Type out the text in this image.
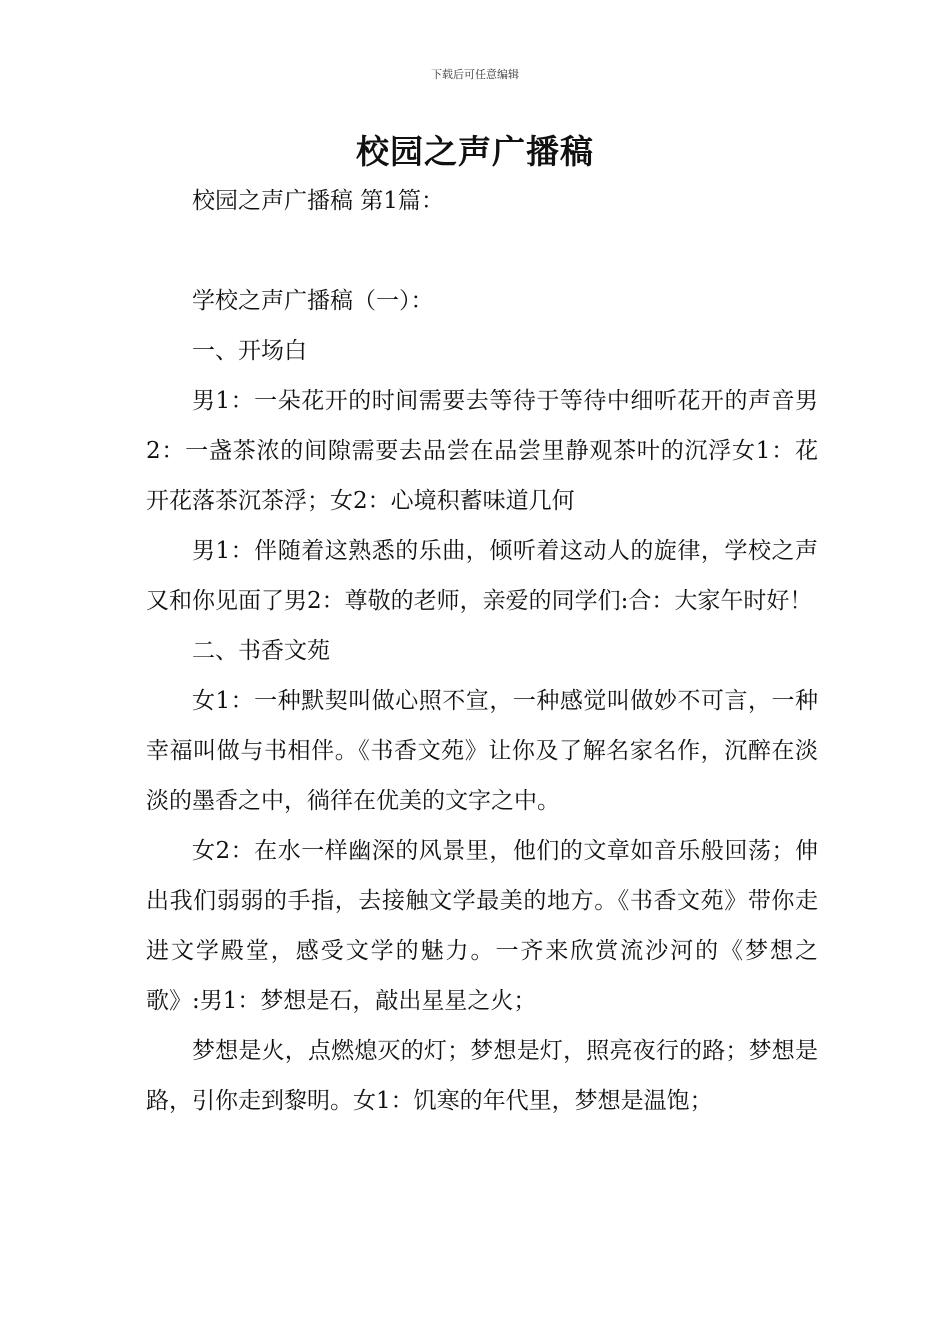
下载后可任意编辑
校园之声广播稿

校园之声广播稿 第1篇：

学校之声广播稿（一）：

一、开场白

男1：一朵花开的时间需要去等待于等待中细听花开的声音男2：一盏茶浓的间隙需要去品尝在品尝里静观茶叶的沉浮女1：花开花落茶沉茶浮；女2：心境积蓄味道几何

男1：伴随着这熟悉的乐曲，倾听着这动人的旋律，学校之声又和你见面了男2：尊敬的老师，亲爱的同学们:合：大家午时好！

二、书香文苑

女1：一种默契叫做心照不宣，一种感觉叫做妙不可言，一种幸福叫做与书相伴。《书香文苑》让你及了解名家名作，沉醉在淡淡的墨香之中，徜徉在优美的文字之中。

女2：在水一样幽深的风景里，他们的文章如音乐般回荡；伸出我们弱弱的手指，去接触文学最美的地方。《书香文苑》带你走进文学殿堂，感受文学的魅力。一齐来欣赏流沙河的《梦想之歌》:男1：梦想是石，敲出星星之火；

梦想是火，点燃熄灭的灯；梦想是灯，照亮夜行的路；梦想是路，引你走到黎明。女1：饥寒的年代里，梦想是温饱；
